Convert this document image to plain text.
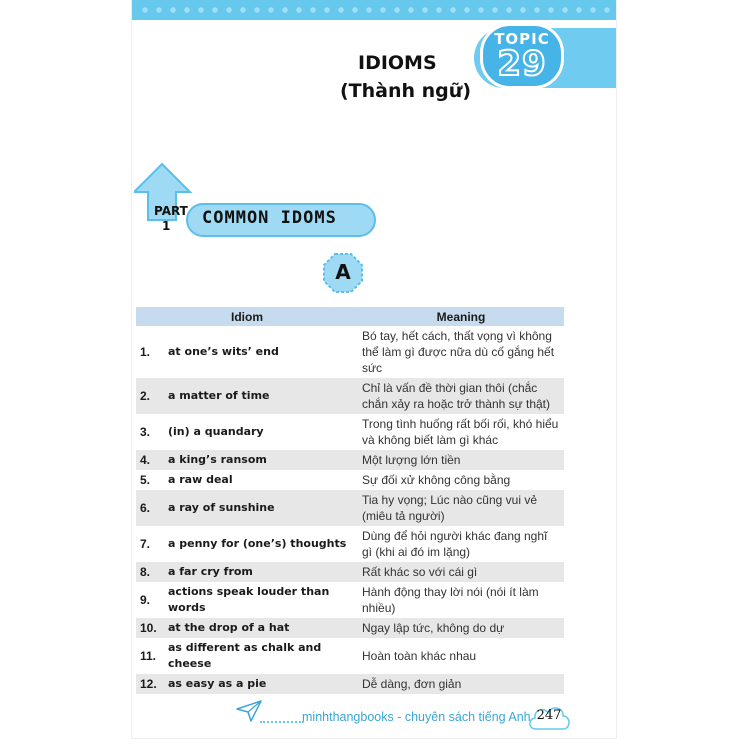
TOPIC
29
IDIOMS
(Thành ngữ)
PART
1 COMMON IDOMS
A
Idiom		Meaning
1.	at one’s wits’ end	Bó tay, hết cách, thất vọng vì không thể làm gì được nữa dù cố gắng hết sức
2.	a matter of time	Chỉ là vấn đề thời gian thôi (chắc chắn xảy ra hoặc trở thành sự thật)
3.	(in) a quandary	Trong tình huống rất bối rối, khó hiểu và không biết làm gì khác
4.	a king’s ransom	Một lượng lớn tiền
5.	a raw deal	Sự đối xử không công bằng
6.	a ray of sunshine	Tia hy vọng; Lúc nào cũng vui vẻ (miêu tả người)
7.	a penny for (one’s) thoughts	Dùng để hỏi người khác đang nghĩ gì (khi ai đó im lặng)
8.	a far cry from	Rất khác so với cái gì
9.	actions speak louder than words	Hành động thay lời nói (nói ít làm nhiều)
10.	at the drop of a hat	Ngay lập tức, không do dự
11.	as different as chalk and cheese	Hoàn toàn khác nhau
12.	as easy as a pie	Dễ dàng, đơn giản
minhthangbooks - chuyên sách tiếng Anh 247
